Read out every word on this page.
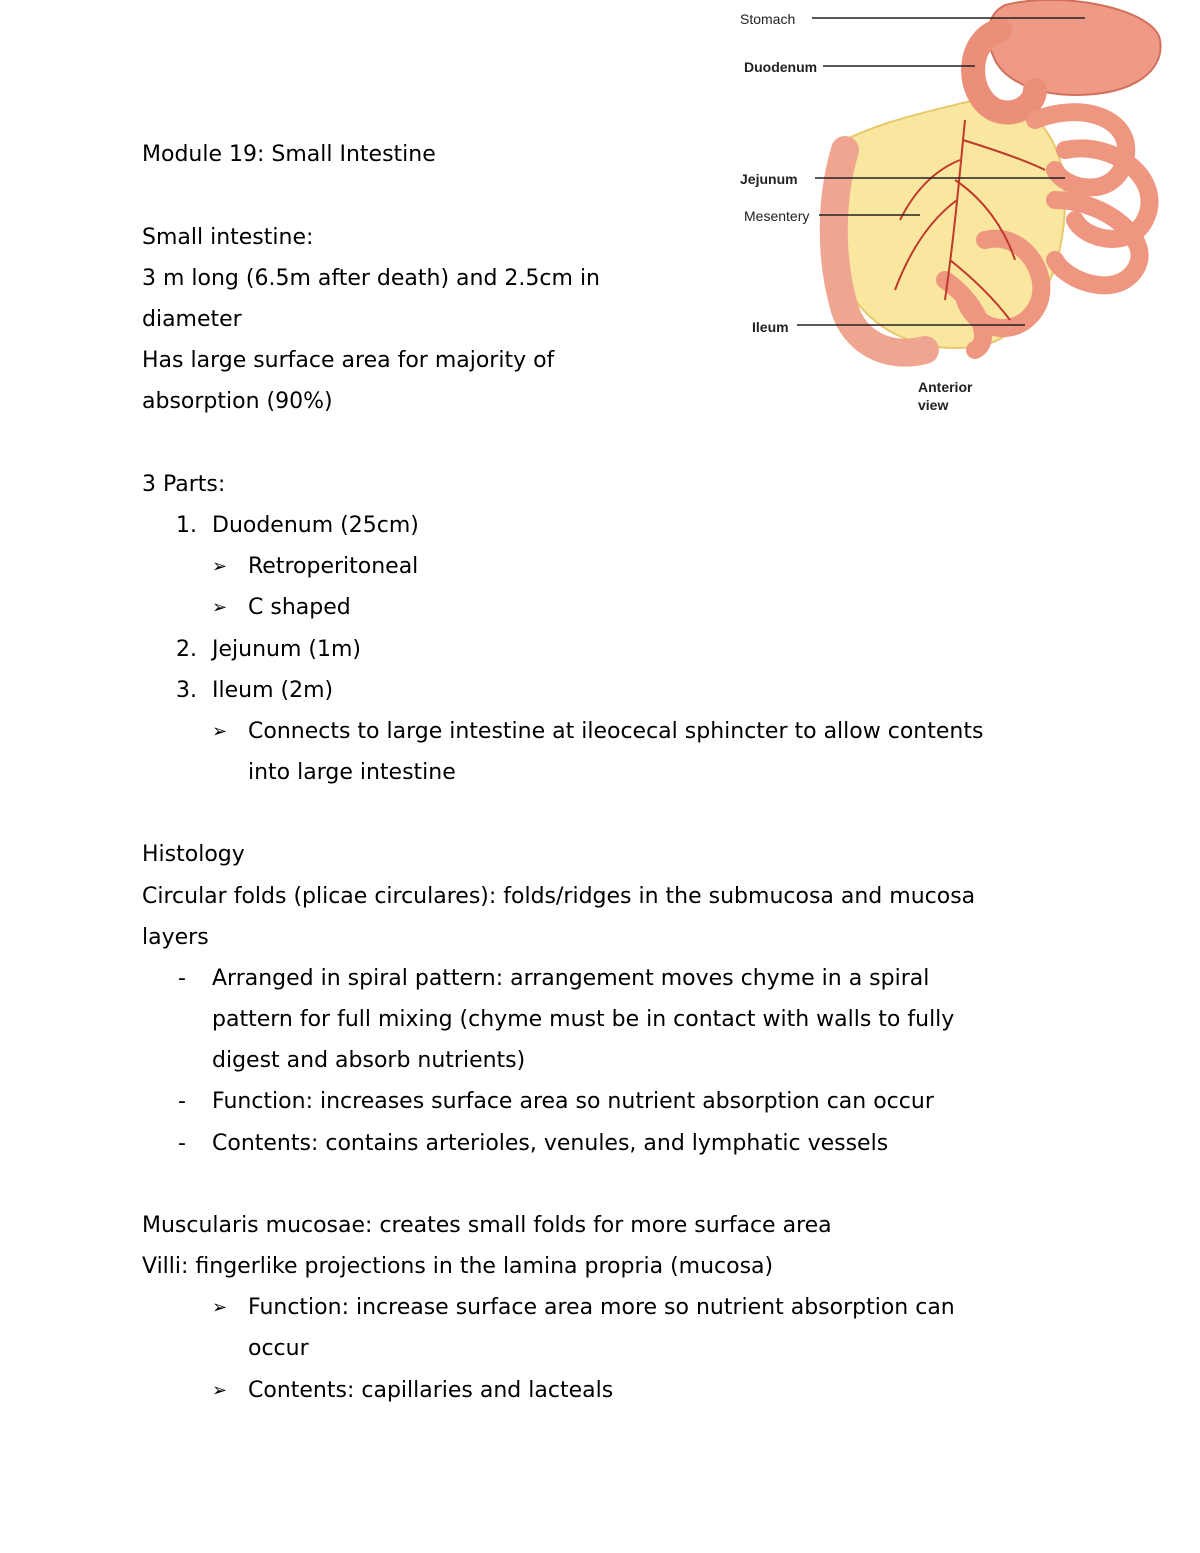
Stomach
Duodenum
Jejunum
Mesentery
Ileum
Anterior
view
Module 19: Small Intestine
Small intestine:
3 m long (6.5m after death) and 2.5cm in
diameter
Has large surface area for majority of
absorption (90%)
3 Parts:
1. Duodenum (25cm)
➢ Retroperitoneal
➢ C shaped
2. Jejunum (1m)
3. Ileum (2m)
➢ Connects to large intestine at ileocecal sphincter to allow contents
into large intestine
Histology
Circular folds (plicae circulares): folds/ridges in the submucosa and mucosa
layers
- Arranged in spiral pattern: arrangement moves chyme in a spiral
pattern for full mixing (chyme must be in contact with walls to fully
digest and absorb nutrients)
- Function: increases surface area so nutrient absorption can occur
- Contents: contains arterioles, venules, and lymphatic vessels
Muscularis mucosae: creates small folds for more surface area
Villi: fingerlike projections in the lamina propria (mucosa)
➢ Function: increase surface area more so nutrient absorption can
occur
➢ Contents: capillaries and lacteals
